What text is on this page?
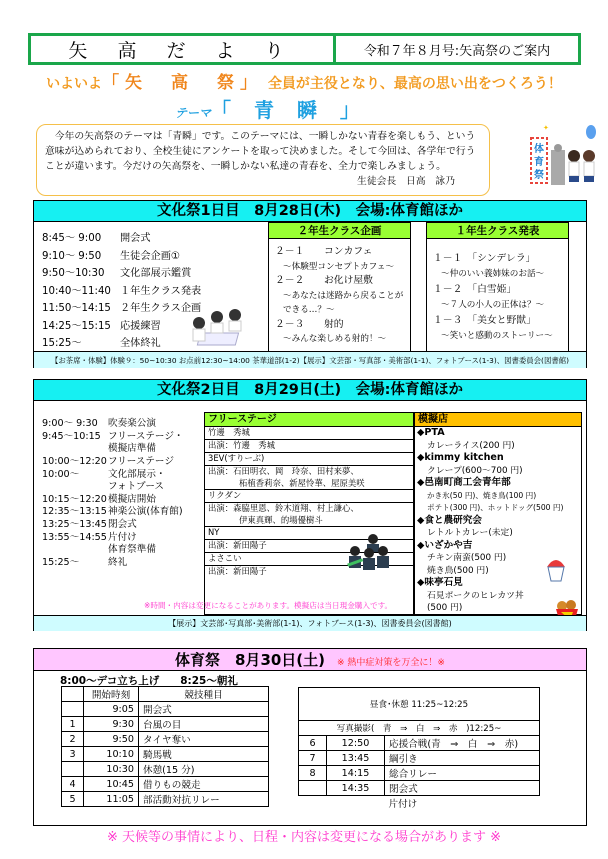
矢 高 だ よ り	令和７年８月号:矢高祭のご案内
いよいよ「矢　高　祭」 全員が主役となり、最高の思い出をつくろう！
テーマ「 青 瞬 」
今年の矢高祭のテーマは「青瞬」です。このテーマには、一瞬しかない青春を楽しもう、という意味が込められており、全校生徒にアンケートを取って決めました。そして今回は、各学年で行うことが違います。今だけの矢高祭を、一瞬しかない私達の青春を、全力で楽しみましょう。
生徒会長　日高　詠乃
体
育
祭
✦
文化祭1日目　8月28日(木)　会場:体育館ほか
8:45～ 9:00	開会式
9:10～ 9:50	生徒会企画①
9:50～10:30	文化部展示鑑賞
10:40～11:40 １年生クラス発表
11:50～14:15 ２年生クラス企画
14:25～15:15 応援練習
15:25～	全体終礼
２年生クラス企画
２－１　　コンカフェ
～体験型コンセプトカフェ～
２－２　　お化け屋敷
～あなたは迷路から戻ることができる…？～
２－３　　射的
～みんな楽しめる射的！～
１年生クラス発表
１－１　「シンデレラ」
～仲のいい義姉妹のお話～
１－２　「白雪姫」
～７人の小人の正体は？～
１－３　「美女と野獣」
～笑いと感動のストーリー～
【お茶席・体験】体験９：50~10:30 お点前12:30~14:00 茶華道部(1-2)【展示】文芸部・写真部・美術部(1-1)、フォトブース(1-3)、図書委員会(図書館)
文化祭2日目　8月29日(土)　会場:体育館ほか
9:00～ 9:30	吹奏楽公演
9:45～10:15 フリーステージ・
模擬店準備
10:00～12:20 フリーステージ
10:00～	文化部展示・
フォトブース
10:15～12:20 模擬店開始
12:35～13:15 神楽公演(体育館)
13:25～13:45 閉会式
13:55～14:55 片付け
体育祭準備
15:25～	終礼
フリーステージ
竹邊　秀城
出演：竹邊　秀城
3EV(すりーぶ)
出演：石田明衣、岡　玲奈、田村来夢、
柘植香莉奈、新屋怜華、屋原美咲
リクダン
出演：森脇里恩、鈴木道翔、村上謙心、
伊東真輝、的場優樹斗
NY
出演：新田陽子
よさこい
出演：新田陽子
※時間・内容は変更になることがあります。模擬店は当日現金購入です。
模擬店
◆PTA
カレーライス(200 円)
◆kimmy kitchen
クレープ(600～700 円)
◆邑南町商工会青年部
かき氷(50 円)、焼き鳥(100 円)
ポテト(300 円)、ホットドッグ(500 円)
◆食と農研究会
レトルトカレー(未定)
◆いざかや吉
チキン南蛮(500 円)
焼き鳥(500 円)
◆味亭石見
石見ポークのヒレカツ丼
(500 円)
【展示】文芸部･写真部･美術部(1-1)、フォトブース(1-3)、図書委員会(図書館)
体育祭　8月30日(土) ※ 熱中症対策を万全に！※
8:00～デコ立ち上げ　　8:25～朝礼
	開始時刻	競技種目
	9:05	開会式
1	9:30	台風の目
2	9:50	タイヤ奪い
3	10:10	騎馬戦
	10:30	休憩(15 分)
4	10:45	借りもの競走
5	11:05	部活動対抗リレー
昼食･休憩 11:25~12:25		
写真撮影(　青　⇒　白　⇒　赤　)12:25~		
6	12:50	応援合戦(青　⇒　白　⇒　赤)
7	13:45	綱引き
8	14:15	総合リレー
	14:35	閉会式
		片付け
※ 天候等の事情により、日程・内容は変更になる場合があります ※
